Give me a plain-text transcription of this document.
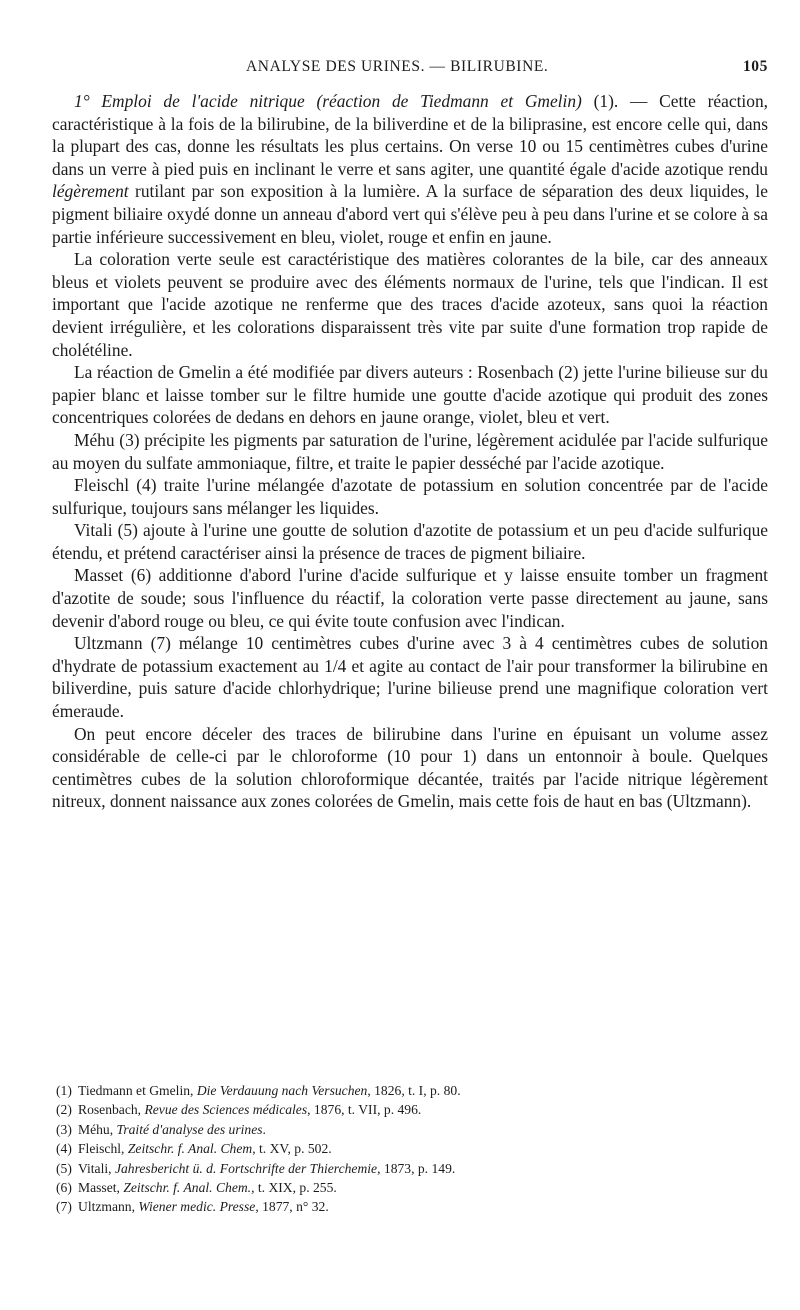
ANALYSE DES URINES. — BILIRUBINE.	105

1° Emploi de l'acide nitrique (réaction de Tiedmann et Gmelin) (1). — Cette réaction, caractéristique à la fois de la bilirubine, de la biliverdine et de la biliprasine, est encore celle qui, dans la plupart des cas, donne les résultats les plus certains. On verse 10 ou 15 centimètres cubes d'urine dans un verre à pied puis en inclinant le verre et sans agiter, une quantité égale d'acide azotique rendu légèrement rutilant par son exposition à la lumière. A la surface de séparation des deux liquides, le pigment biliaire oxydé donne un anneau d'abord vert qui s'élève peu à peu dans l'urine et se colore à sa partie inférieure successivement en bleu, violet, rouge et enfin en jaune.

La coloration verte seule est caractéristique des matières colorantes de la bile, car des anneaux bleus et violets peuvent se produire avec des éléments normaux de l'urine, tels que l'indican. Il est important que l'acide azotique ne renferme que des traces d'acide azoteux, sans quoi la réaction devient irrégulière, et les colorations disparaissent très vite par suite d'une formation trop rapide de cholétéline.

La réaction de Gmelin a été modifiée par divers auteurs : Rosenbach (2) jette l'urine bilieuse sur du papier blanc et laisse tomber sur le filtre humide une goutte d'acide azotique qui produit des zones concentriques colorées de dedans en dehors en jaune orange, violet, bleu et vert.

Méhu (3) précipite les pigments par saturation de l'urine, légèrement acidulée par l'acide sulfurique au moyen du sulfate ammoniaque, filtre, et traite le papier desséché par l'acide azotique.

Fleischl (4) traite l'urine mélangée d'azotate de potassium en solution concentrée par de l'acide sulfurique, toujours sans mélanger les liquides.

Vitali (5) ajoute à l'urine une goutte de solution d'azotite de potassium et un peu d'acide sulfurique étendu, et prétend caractériser ainsi la présence de traces de pigment biliaire.

Masset (6) additionne d'abord l'urine d'acide sulfurique et y laisse ensuite tomber un fragment d'azotite de soude; sous l'influence du réactif, la coloration verte passe directement au jaune, sans devenir d'abord rouge ou bleu, ce qui évite toute confusion avec l'indican.

Ultzmann (7) mélange 10 centimètres cubes d'urine avec 3 à 4 centimètres cubes de solution d'hydrate de potassium exactement au 1/4 et agite au contact de l'air pour transformer la bilirubine en biliverdine, puis sature d'acide chlorhydrique; l'urine bilieuse prend une magnifique coloration vert émeraude.

On peut encore déceler des traces de bilirubine dans l'urine en épuisant un volume assez considérable de celle-ci par le chloroforme (10 pour 1) dans un entonnoir à boule. Quelques centimètres cubes de la solution chloroformique décantée, traités par l'acide nitrique légèrement nitreux, donnent naissance aux zones colorées de Gmelin, mais cette fois de haut en bas (Ultzmann).

(1) Tiedmann et Gmelin, Die Verdauung nach Versuchen, 1826, t. I, p. 80.

(2) Rosenbach, Revue des Sciences médicales, 1876, t. VII, p. 496.

(3) Méhu, Traité d'analyse des urines.

(4) Fleischl, Zeitschr. f. Anal. Chem, t. XV, p. 502.

(5) Vitali, Jahresbericht ü. d. Fortschrifte der Thierchemie, 1873, p. 149.

(6) Masset, Zeitschr. f. Anal. Chem., t. XIX, p. 255.

(7) Ultzmann, Wiener medic. Presse, 1877, n° 32.
